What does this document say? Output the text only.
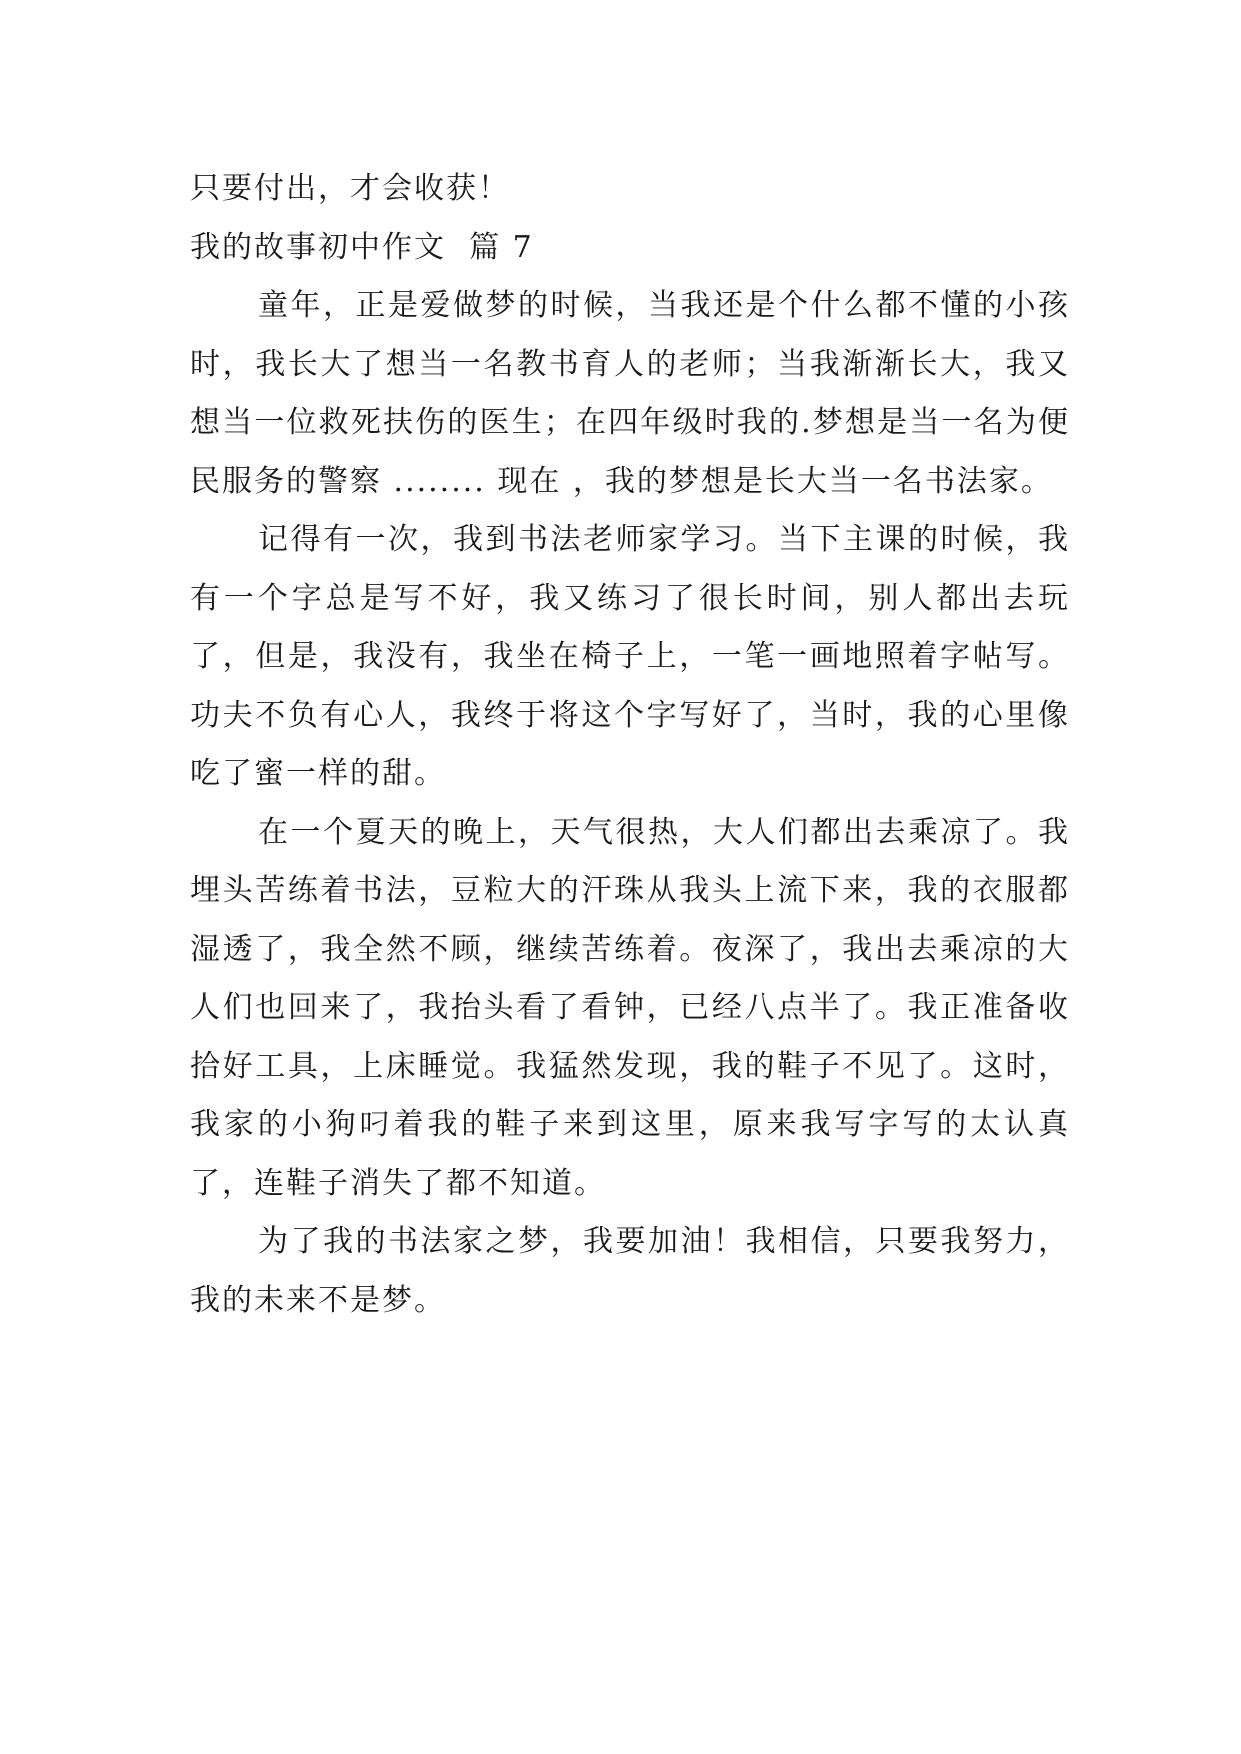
只要付出，才会收获！

我的故事初中作文  篇 7

童年，正是爱做梦的时候，当我还是个什么都不懂的小孩时，我长大了想当一名教书育人的老师；当我渐渐长大，我又想当一位救死扶伤的医生；在四年级时我的.梦想是当一名为便民服务的警察 ........ 现在 ，我的梦想是长大当一名书法家。

记得有一次，我到书法老师家学习。当下主课的时候，我有一个字总是写不好，我又练习了很长时间，别人都出去玩了，但是，我没有，我坐在椅子上，一笔一画地照着字帖写。功夫不负有心人，我终于将这个字写好了，当时，我的心里像吃了蜜一样的甜。

在一个夏天的晚上，天气很热，大人们都出去乘凉了。我埋头苦练着书法，豆粒大的汗珠从我头上流下来，我的衣服都湿透了，我全然不顾，继续苦练着。夜深了，我出去乘凉的大人们也回来了，我抬头看了看钟，已经八点半了。我正准备收拾好工具，上床睡觉。我猛然发现，我的鞋子不见了。这时，我家的小狗叼着我的鞋子来到这里，原来我写字写的太认真了，连鞋子消失了都不知道。

为了我的书法家之梦，我要加油！我相信，只要我努力，我的未来不是梦。
